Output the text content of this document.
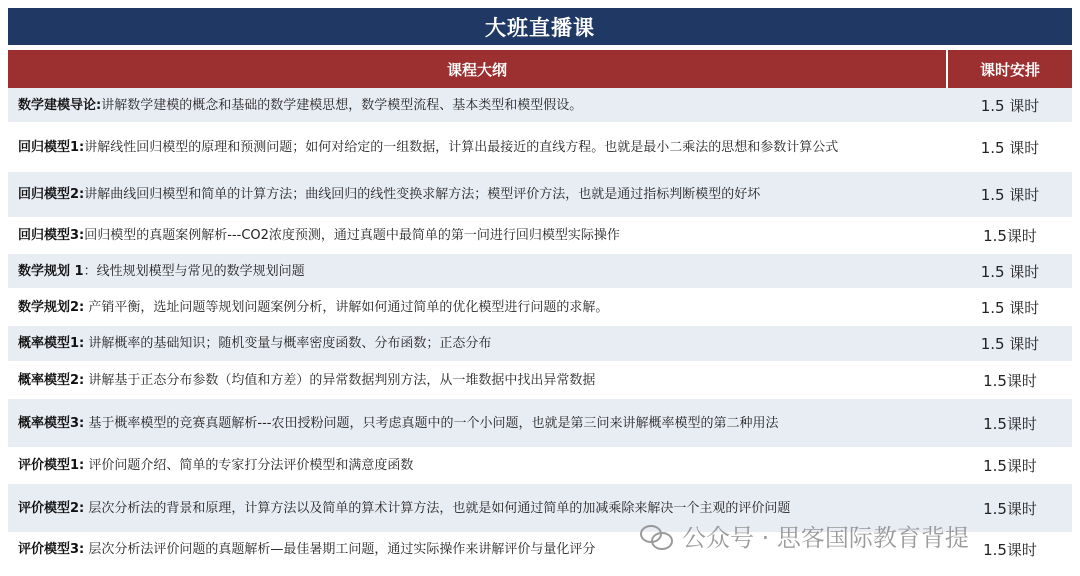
大班直播课
课程大纲	课时安排
数学建模导论:讲解数学建模的概念和基础的数学建模思想，数学模型流程、基本类型和模型假设。	1.5 课时
回归模型1:讲解线性回归模型的原理和预测问题；如何对给定的一组数据，计算出最接近的直线方程。也就是最小二乘法的思想和参数计算公式	1.5 课时
回归模型2:讲解曲线回归模型和简单的计算方法；曲线回归的线性变换求解方法；模型评价方法，也就是通过指标判断模型的好坏	1.5 课时
回归模型3:回归模型的真题案例解析---CO2浓度预测，通过真题中最简单的第一问进行回归模型实际操作	1.5课时
数学规划 1：线性规划模型与常见的数学规划问题	1.5 课时
数学规划2: 产销平衡，选址问题等规划问题案例分析，讲解如何通过简单的优化模型进行问题的求解。	1.5 课时
概率模型1: 讲解概率的基础知识；随机变量与概率密度函数、分布函数；正态分布	1.5 课时
概率模型2: 讲解基于正态分布参数（均值和方差）的异常数据判别方法，从一堆数据中找出异常数据	1.5课时
概率模型3: 基于概率模型的竞赛真题解析---农田授粉问题，只考虑真题中的一个小问题，也就是第三问来讲解概率模型的第二种用法	1.5课时
评价模型1: 评价问题介绍、简单的专家打分法评价模型和满意度函数	1.5课时
评价模型2: 层次分析法的背景和原理，计算方法以及简单的算术计算方法，也就是如何通过简单的加减乘除来解决一个主观的评价问题	1.5课时
评价模型3: 层次分析法评价问题的真题解析—最佳暑期工问题，通过实际操作来讲解评价与量化评分	1.5课时
公众号 · 思客国际教育背提
